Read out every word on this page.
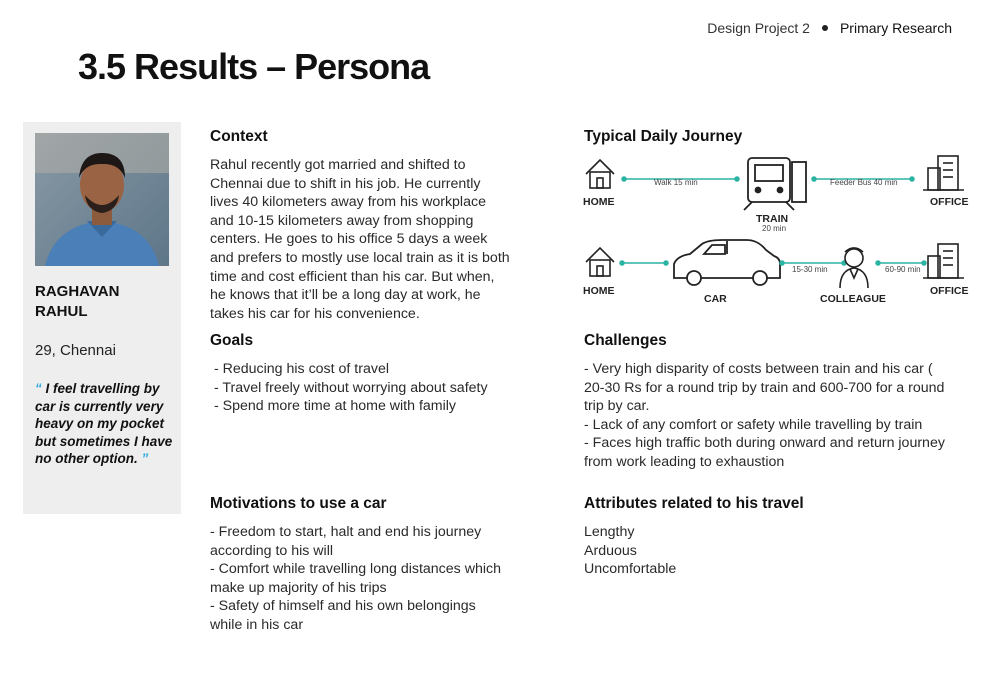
Design Project 2 Primary Research
3.5 Results – Persona
RAGHAVAN RAHUL
29, Chennai
“ I feel travelling by car is currently very heavy on my pocket but sometimes I have no other option. ”
Context

Rahul recently got married and shifted to Chennai due to shift in his job. He currently lives 40 kilometers away from his workplace and 10-15 kilometers away from shopping centers. He goes to his office 5 days a week and prefers to mostly use local train as it is both time and cost efficient than his car. But when, he knows that it’ll be a long day at work, he takes his car for his convenience.

Goals
- Reducing his cost of travel
- Travel freely without worrying about safety
- Spend more time at home with family
Motivations to use a car
- Freedom to start, halt and end his journey according to his will
- Comfort while travelling long distances which make up majority of his trips
- Safety of himself and his own belongings while in his car
Typical Daily Journey
HOME
Walk 15 min
TRAIN
20 min
Feeder Bus 40 min
OFFICE
HOME
CAR
15-30 min
COLLEAGUE
60-90 min
OFFICE
Challenges
- Very high disparity of costs between train and his car ( 20-30 Rs for a round trip by train and 600-700 for a round trip by car.
- Lack of any comfort or safety while travelling by train
- Faces high traffic both during onward and return journey from work leading to exhaustion
Attributes related to his travel
Lengthy
Arduous
Uncomfortable
